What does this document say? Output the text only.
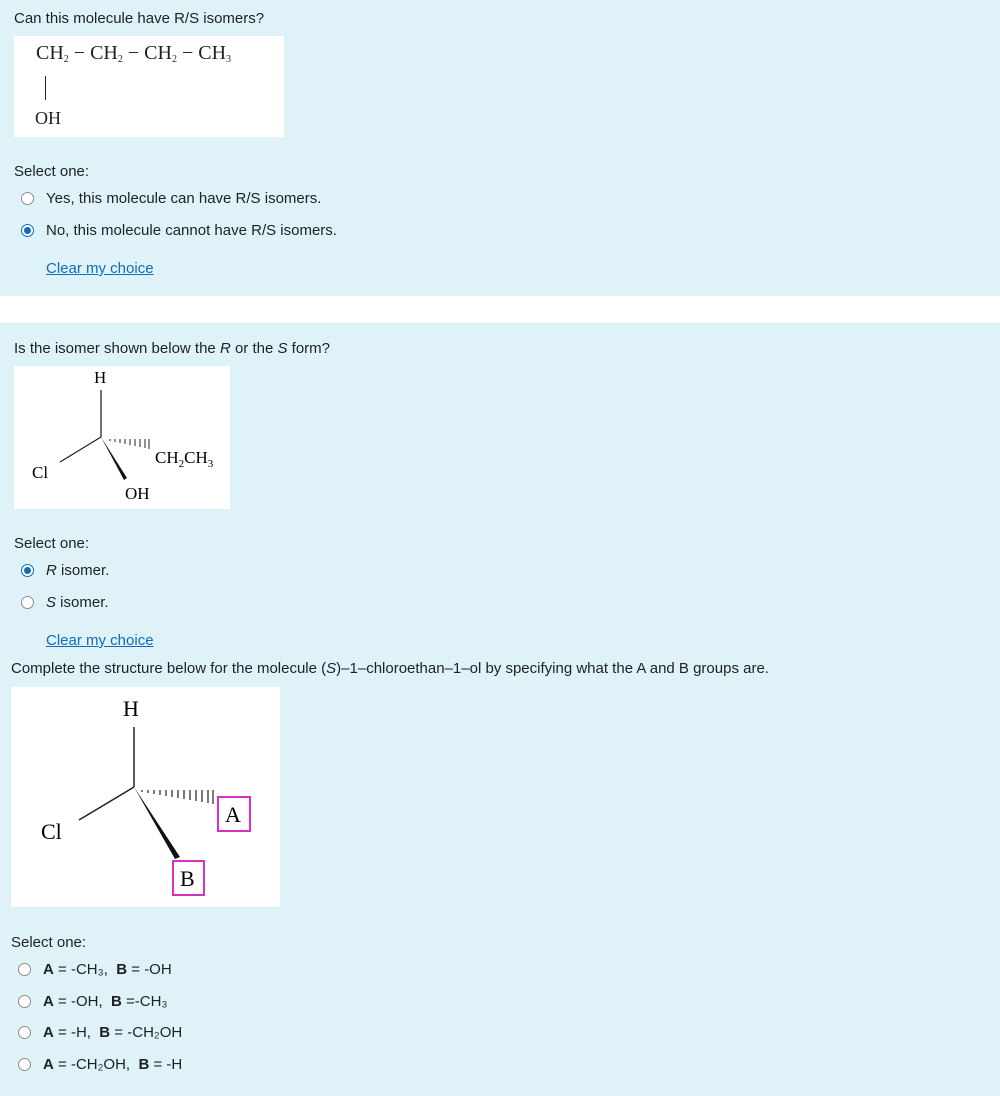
Can this molecule have R/S isomers?
$CH_2 - CH_2 - CH_2 - CH_3$
OH
Select one:
Yes, this molecule can have R/S isomers.
No, this molecule cannot have R/S isomers.
Clear my choice
Is the isomer shown below the R or the S form?
H
Cl
OH
$CH_2CH_3$
Select one:
R isomer.
S isomer.
Clear my choice
Complete the structure below for the molecule (S)–1–chloroethan–1–ol by specifying what the A and B groups are.
H
Cl
A
B
Select one:
A = -CH₃, B = -OH
A = -OH, B =-CH₃
A = -H, B = -CH₂OH
A = -CH₂OH, B = -H
